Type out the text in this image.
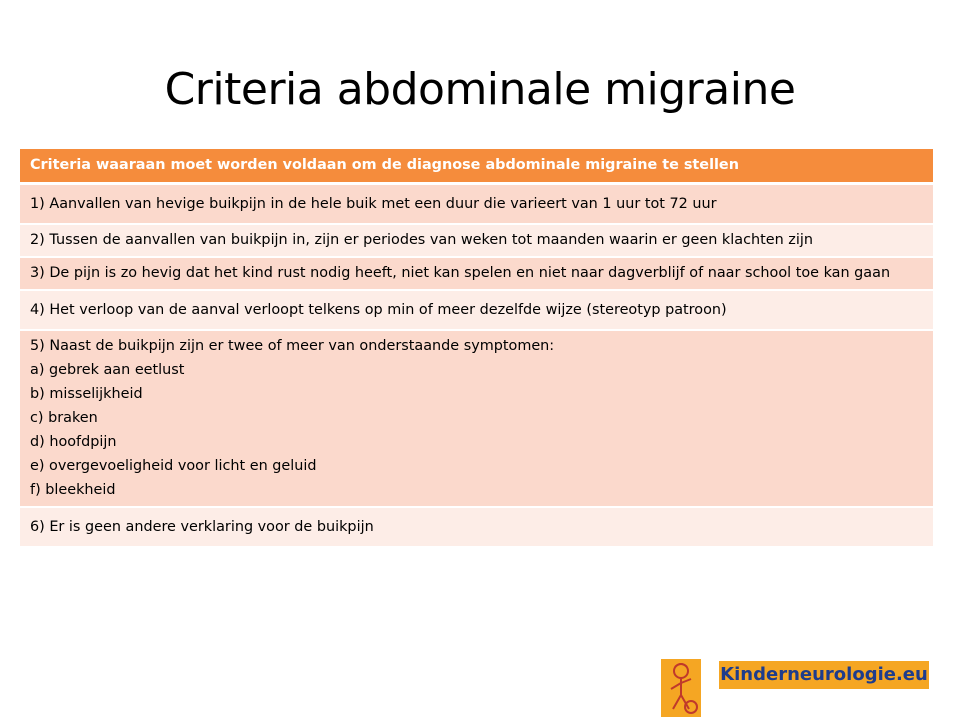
Criteria abdominale migraine
Criteria waaraan moet worden voldaan om de diagnose abdominale migraine te stellen
1) Aanvallen van hevige buikpijn in de hele buik met een duur die varieert van 1 uur tot 72 uur
2) Tussen de aanvallen van buikpijn in, zijn er periodes van weken tot maanden waarin er geen klachten zijn
3) De pijn is zo hevig dat het kind rust nodig heeft, niet kan spelen en niet naar dagverblijf of naar school toe kan gaan
4) Het verloop van de aanval verloopt telkens op min of meer dezelfde wijze (stereotyp patroon)

5) Naast de buikpijn zijn er twee of meer van onderstaande symptomen:
a) gebrek aan eetlust
b) misselijkheid
c) braken
d) hoofdpijn
e) overgevoeligheid voor licht en geluid
f) bleekheid

6) Er is geen andere verklaring voor de buikpijn
Kinderneurologie.eu
